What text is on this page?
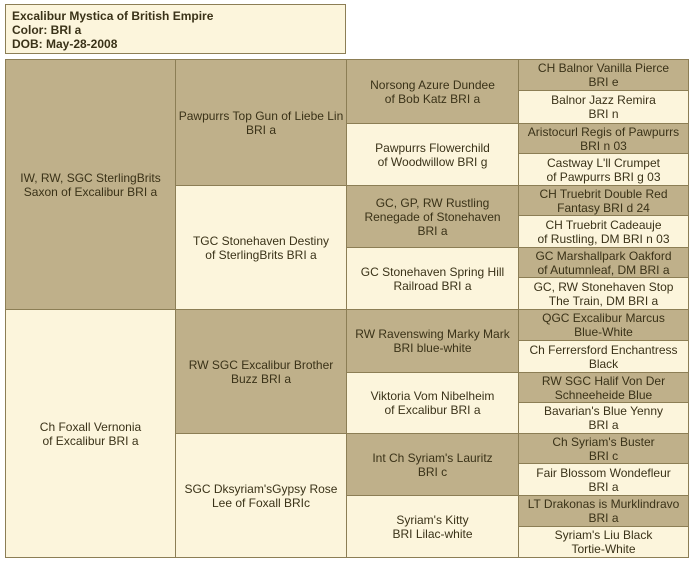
Excalibur Mystica of British Empire
Color: BRI a
DOB: May-28-2008
IW, RW, SGC SterlingBrits
Saxon of Excalibur BRI a
Ch Foxall Vernonia
of Excalibur BRI a
Pawpurrs Top Gun of Liebe Lin
BRI a
TGC Stonehaven Destiny
of SterlingBrits BRI a
RW SGC Excalibur Brother
Buzz BRI a
SGC Dksyriam'sGypsy Rose
Lee of Foxall BRIc
Norsong Azure Dundee
of Bob Katz BRI a
Pawpurrs Flowerchild
of Woodwillow BRI g
GC, GP, RW Rustling
Renegade of Stonehaven
BRI a
GC Stonehaven Spring Hill
Railroad BRI a
RW Ravenswing Marky Mark
BRI blue-white
Viktoria Vom Nibelheim
of Excalibur BRI a
Int Ch Syriam's Lauritz
BRI c
Syriam's Kitty
BRI Lilac-white
CH Balnor Vanilla Pierce
BRI e
Balnor Jazz Remira
BRI n
Aristocurl Regis of Pawpurrs
BRI n 03
Castway L'll Crumpet
of Pawpurrs BRI g 03
CH Truebrit Double Red
Fantasy BRI d 24
CH Truebrit Cadeauje
of Rustling, DM BRI n 03
GC Marshallpark Oakford
of Autumnleaf, DM BRI a
GC, RW Stonehaven Stop
The Train, DM BRI a
QGC Excalibur Marcus
Blue-White
Ch Ferrersford Enchantress
Black
RW SGC Halif Von Der
Schneeheide Blue
Bavarian's Blue Yenny
BRI a
Ch Syriam's Buster
BRI c
Fair Blossom Wondefleur
BRI a
LT Drakonas is Murklindravo
BRI a
Syriam's Liu Black
Tortie-White
